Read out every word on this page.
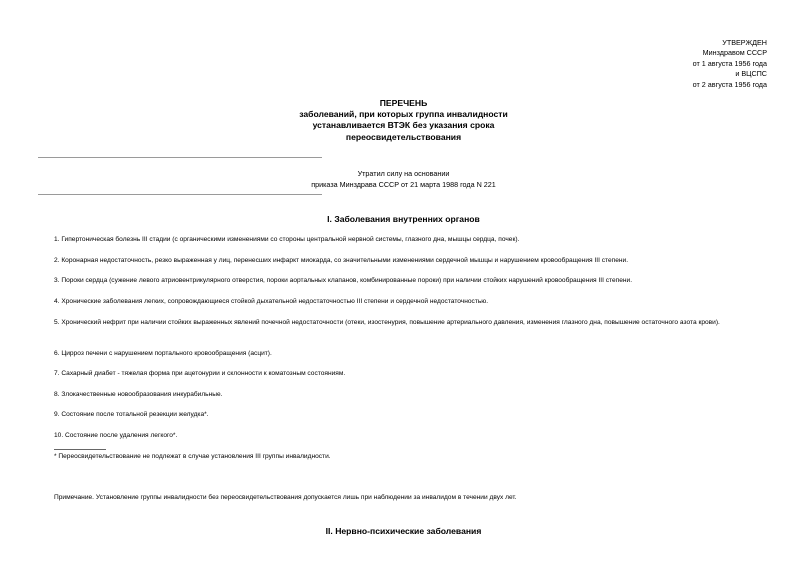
УТВЕРЖДЕН
Минздравом СССР
от 1 августа 1956 года
и ВЦСПС
от 2 августа 1956 года
ПЕРЕЧЕНЬ
заболеваний, при которых группа инвалидности
устанавливается ВТЭК без указания срока
переосвидетельствования
Утратил силу на основании
приказа Минздрава СССР от 21 марта 1988 года N 221
I. Заболевания внутренних органов
1. Гипертоническая болезнь III стадии (с органическими изменениями со стороны центральной нервной системы, глазного дна, мышцы сердца, почек).
2. Коронарная недостаточность, резко выраженная у лиц, перенесших инфаркт миокарда, со значительными изменениями сердечной мышцы и нарушением кровообращения III степени.
3. Пороки сердца (сужение левого атриовентрикулярного отверстия, пороки аортальных клапанов, комбинированные пороки) при наличии стойких нарушений кровообращения III степени.
4. Хронические заболевания легких, сопровождающиеся стойкой дыхательной недостаточностью III степени и сердечной недостаточностью.
5. Хронический нефрит при наличии стойких выраженных явлений почечной недостаточности (отеки, изостенурия, повышение артериального давления, изменения глазного дна, повышение остаточного азота крови).
6. Цирроз печени с нарушением портального кровообращения (асцит).
7. Сахарный диабет - тяжелая форма при ацетонурии и склонности к коматозным состояниям.
8. Злокачественные новообразования инкурабильные.
9. Состояние после тотальной резекции желудка*.
10. Состояние после удаления легкого*.
* Переосвидетельствование не подлежат в случае установления III группы инвалидности.
Примечание. Установление группы инвалидности без переосвидетельствования допускается лишь при наблюдении за инвалидом в течении двух лет.
II. Нервно-психические заболевания
